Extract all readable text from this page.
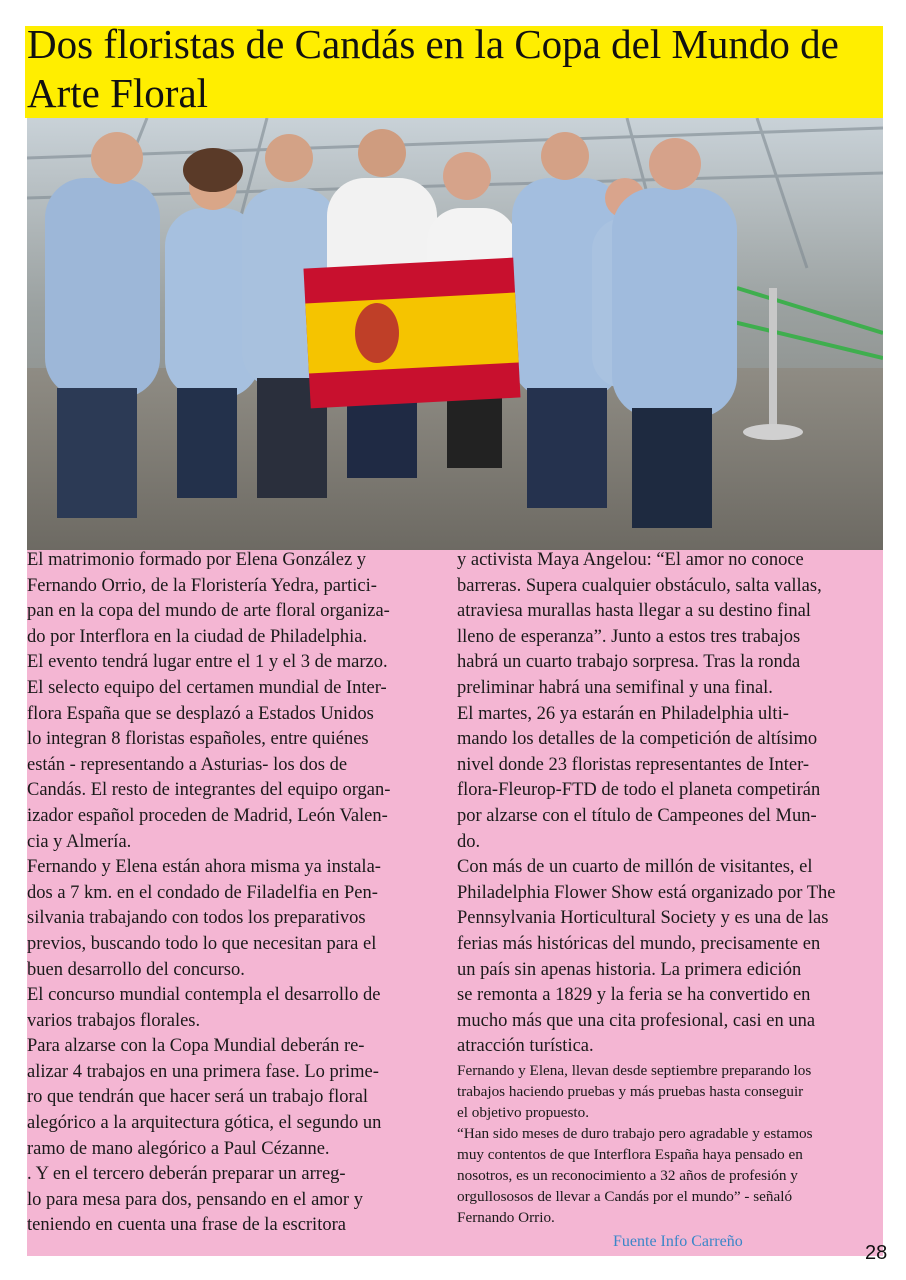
Dos floristas de Candás en la Copa del Mundo de Arte Floral
El matrimonio formado por Elena González y
Fernando Orrio, de la Floristería Yedra, partici-
pan en la copa del mundo de arte floral organiza-
do por Interflora en la ciudad de Philadelphia.
El evento tendrá lugar entre el 1 y el 3 de marzo.
El selecto equipo del certamen mundial de Inter-
flora España que se desplazó a Estados Unidos
lo integran 8 floristas españoles, entre quiénes
están - representando a Asturias- los dos de
Candás. El resto de integrantes del equipo organ-
izador español proceden de Madrid, León Valen-
cia y Almería.
Fernando y Elena están ahora misma ya instala-
dos a 7 km. en el condado de Filadelfia en Pen-
silvania trabajando con todos los preparativos
previos, buscando todo lo que necesitan para el
buen desarrollo del concurso.
El concurso mundial contempla el desarrollo de
varios trabajos florales.
Para alzarse con la Copa Mundial deberán re-
alizar 4 trabajos en una primera fase. Lo prime-
ro que tendrán que hacer será un trabajo floral
alegórico a la arquitectura gótica, el segundo un
ramo de mano alegórico a Paul Cézanne.
. Y en el tercero deberán preparar un arreg-
lo para mesa para dos, pensando en el amor y
teniendo en cuenta una frase de la escritora
y activista Maya Angelou: “El amor no conoce
barreras. Supera cualquier obstáculo, salta vallas,
atraviesa murallas hasta llegar a su destino final
lleno de esperanza”. Junto a estos tres trabajos
habrá un cuarto trabajo sorpresa. Tras la ronda
preliminar habrá una semifinal y una final.
El martes, 26 ya estarán en Philadelphia ulti-
mando los detalles de la competición de altísimo
nivel donde 23 floristas representantes de Inter-
flora-Fleurop-FTD de todo el planeta competirán
por alzarse con el título de Campeones del Mun-
do.
Con más de un cuarto de millón de visitantes, el
Philadelphia Flower Show está organizado por The
Pennsylvania Horticultural Society y es una de las
ferias más históricas del mundo, precisamente en
un país sin apenas historia. La primera edición
se remonta a 1829 y la feria se ha convertido en
mucho más que una cita profesional, casi en una
atracción turística.
Fernando y Elena, llevan desde septiembre preparando los
trabajos haciendo pruebas y más pruebas hasta conseguir
el objetivo propuesto.
“Han sido meses de duro trabajo pero agradable y estamos
muy contentos de que Interflora España haya pensado en
nosotros, es un reconocimiento a 32 años de profesión y
orgullososos de llevar a Candás por el mundo” - señaló
Fernando Orrio.
Fuente Info Carreño
28
